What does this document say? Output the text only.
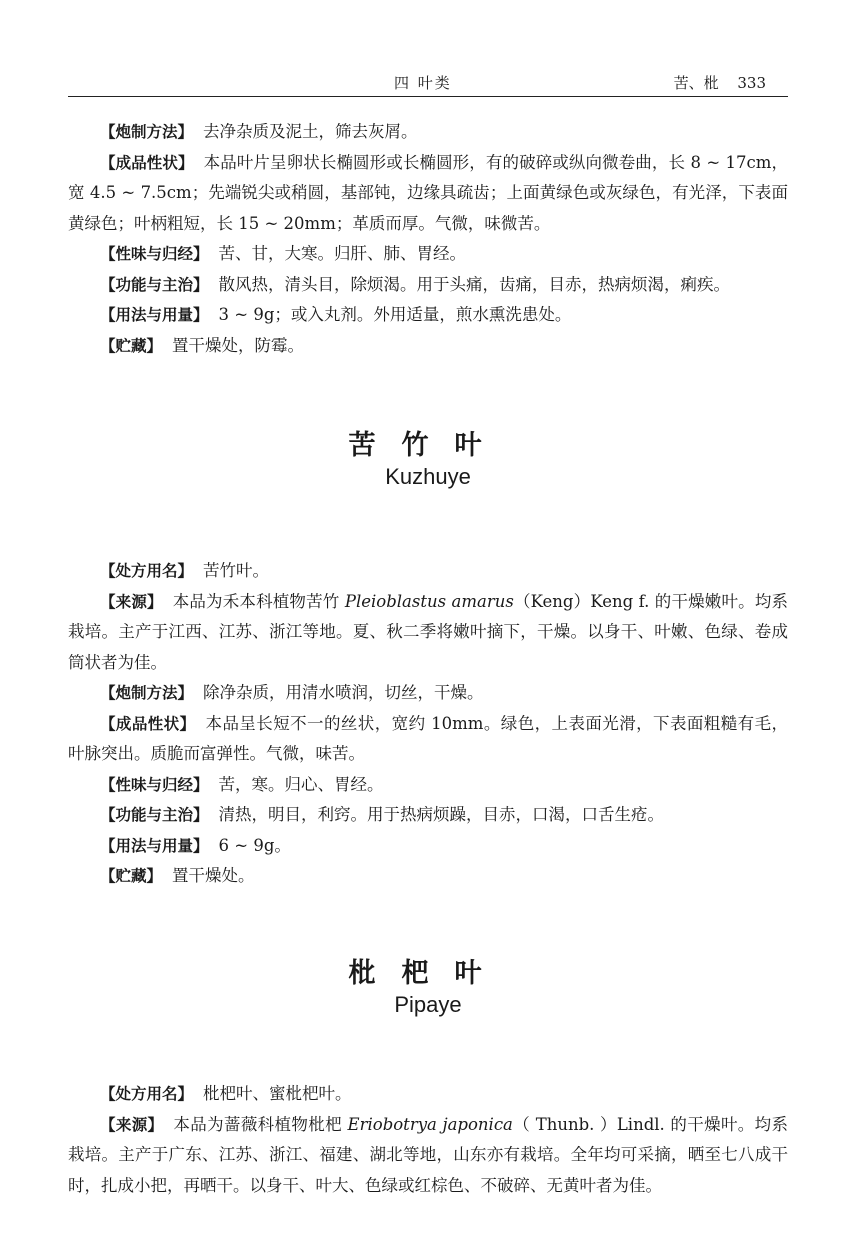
四 叶类	苦、枇 333

【炮制方法】 去净杂质及泥土，筛去灰屑。

【成品性状】 本品叶片呈卵状长椭圆形或长椭圆形，有的破碎或纵向微卷曲，长 8 ~ 17cm，宽 4.5 ~ 7.5cm；先端锐尖或稍圆，基部钝，边缘具疏齿；上面黄绿色或灰绿色，有光泽，下表面黄绿色；叶柄粗短，长 15 ~ 20mm；革质而厚。气微，味微苦。

【性味与归经】 苦、甘，大寒。归肝、肺、胃经。

【功能与主治】 散风热，清头目，除烦渴。用于头痛，齿痛，目赤，热病烦渴，痢疾。

【用法与用量】 3 ~ 9g；或入丸剂。外用适量，煎水熏洗患处。

【贮藏】 置干燥处，防霉。

苦竹叶
Kuzhuye

【处方用名】 苦竹叶。

【来源】 本品为禾本科植物苦竹 Pleioblastus amarus（Keng）Keng f. 的干燥嫩叶。均系栽培。主产于江西、江苏、浙江等地。夏、秋二季将嫩叶摘下，干燥。以身干、叶嫩、色绿、卷成筒状者为佳。

【炮制方法】 除净杂质，用清水喷润，切丝，干燥。

【成品性状】 本品呈长短不一的丝状，宽约 10mm。绿色，上表面光滑，下表面粗糙有毛，叶脉突出。质脆而富弹性。气微，味苦。

【性味与归经】 苦，寒。归心、胃经。

【功能与主治】 清热，明目，利窍。用于热病烦躁，目赤，口渴，口舌生疮。

【用法与用量】 6 ~ 9g。

【贮藏】 置干燥处。

枇杷叶
Pipaye

【处方用名】 枇杷叶、蜜枇杷叶。

【来源】 本品为蔷薇科植物枇杷 Eriobotrya japonica（ Thunb. ）Lindl. 的干燥叶。均系栽培。主产于广东、江苏、浙江、福建、湖北等地，山东亦有栽培。全年均可采摘，晒至七八成干时，扎成小把，再晒干。以身干、叶大、色绿或红棕色、不破碎、无黄叶者为佳。
